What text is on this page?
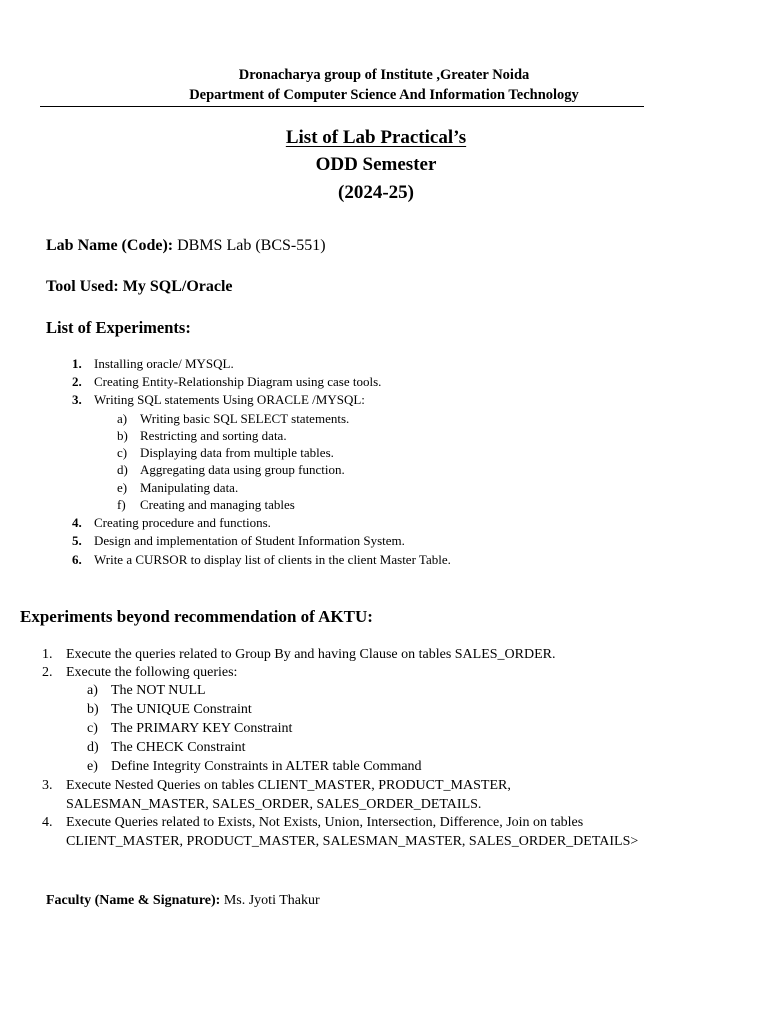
Dronacharya group of Institute ,Greater Noida
Department of Computer Science And Information Technology
List of Lab Practical’s
ODD Semester
(2024-25)
Lab Name (Code): DBMS Lab (BCS-551)
Tool Used: My SQL/Oracle
List of Experiments:
1. Installing oracle/ MYSQL.
2. Creating Entity-Relationship Diagram using case tools.
3. Writing SQL statements Using ORACLE /MYSQL:
a) Writing basic SQL SELECT statements.
b) Restricting and sorting data.
c) Displaying data from multiple tables.
d) Aggregating data using group function.
e) Manipulating data.
f) Creating and managing tables
4. Creating procedure and functions.
5. Design and implementation of Student Information System.
6. Write a CURSOR to display list of clients in the client Master Table.
Experiments beyond recommendation of AKTU:
1. Execute the queries related to Group By and having Clause on tables SALES_ORDER.
2. Execute the following queries:
a) The NOT NULL
b) The UNIQUE Constraint
c) The PRIMARY KEY Constraint
d) The CHECK Constraint
e) Define Integrity Constraints in ALTER table Command
3. Execute Nested Queries on tables CLIENT_MASTER, PRODUCT_MASTER,
SALESMAN_MASTER, SALES_ORDER, SALES_ORDER_DETAILS.
4. Execute Queries related to Exists, Not Exists, Union, Intersection, Difference, Join on tables
CLIENT_MASTER, PRODUCT_MASTER, SALESMAN_MASTER, SALES_ORDER_DETAILS>
Faculty (Name & Signature): Ms. Jyoti Thakur
